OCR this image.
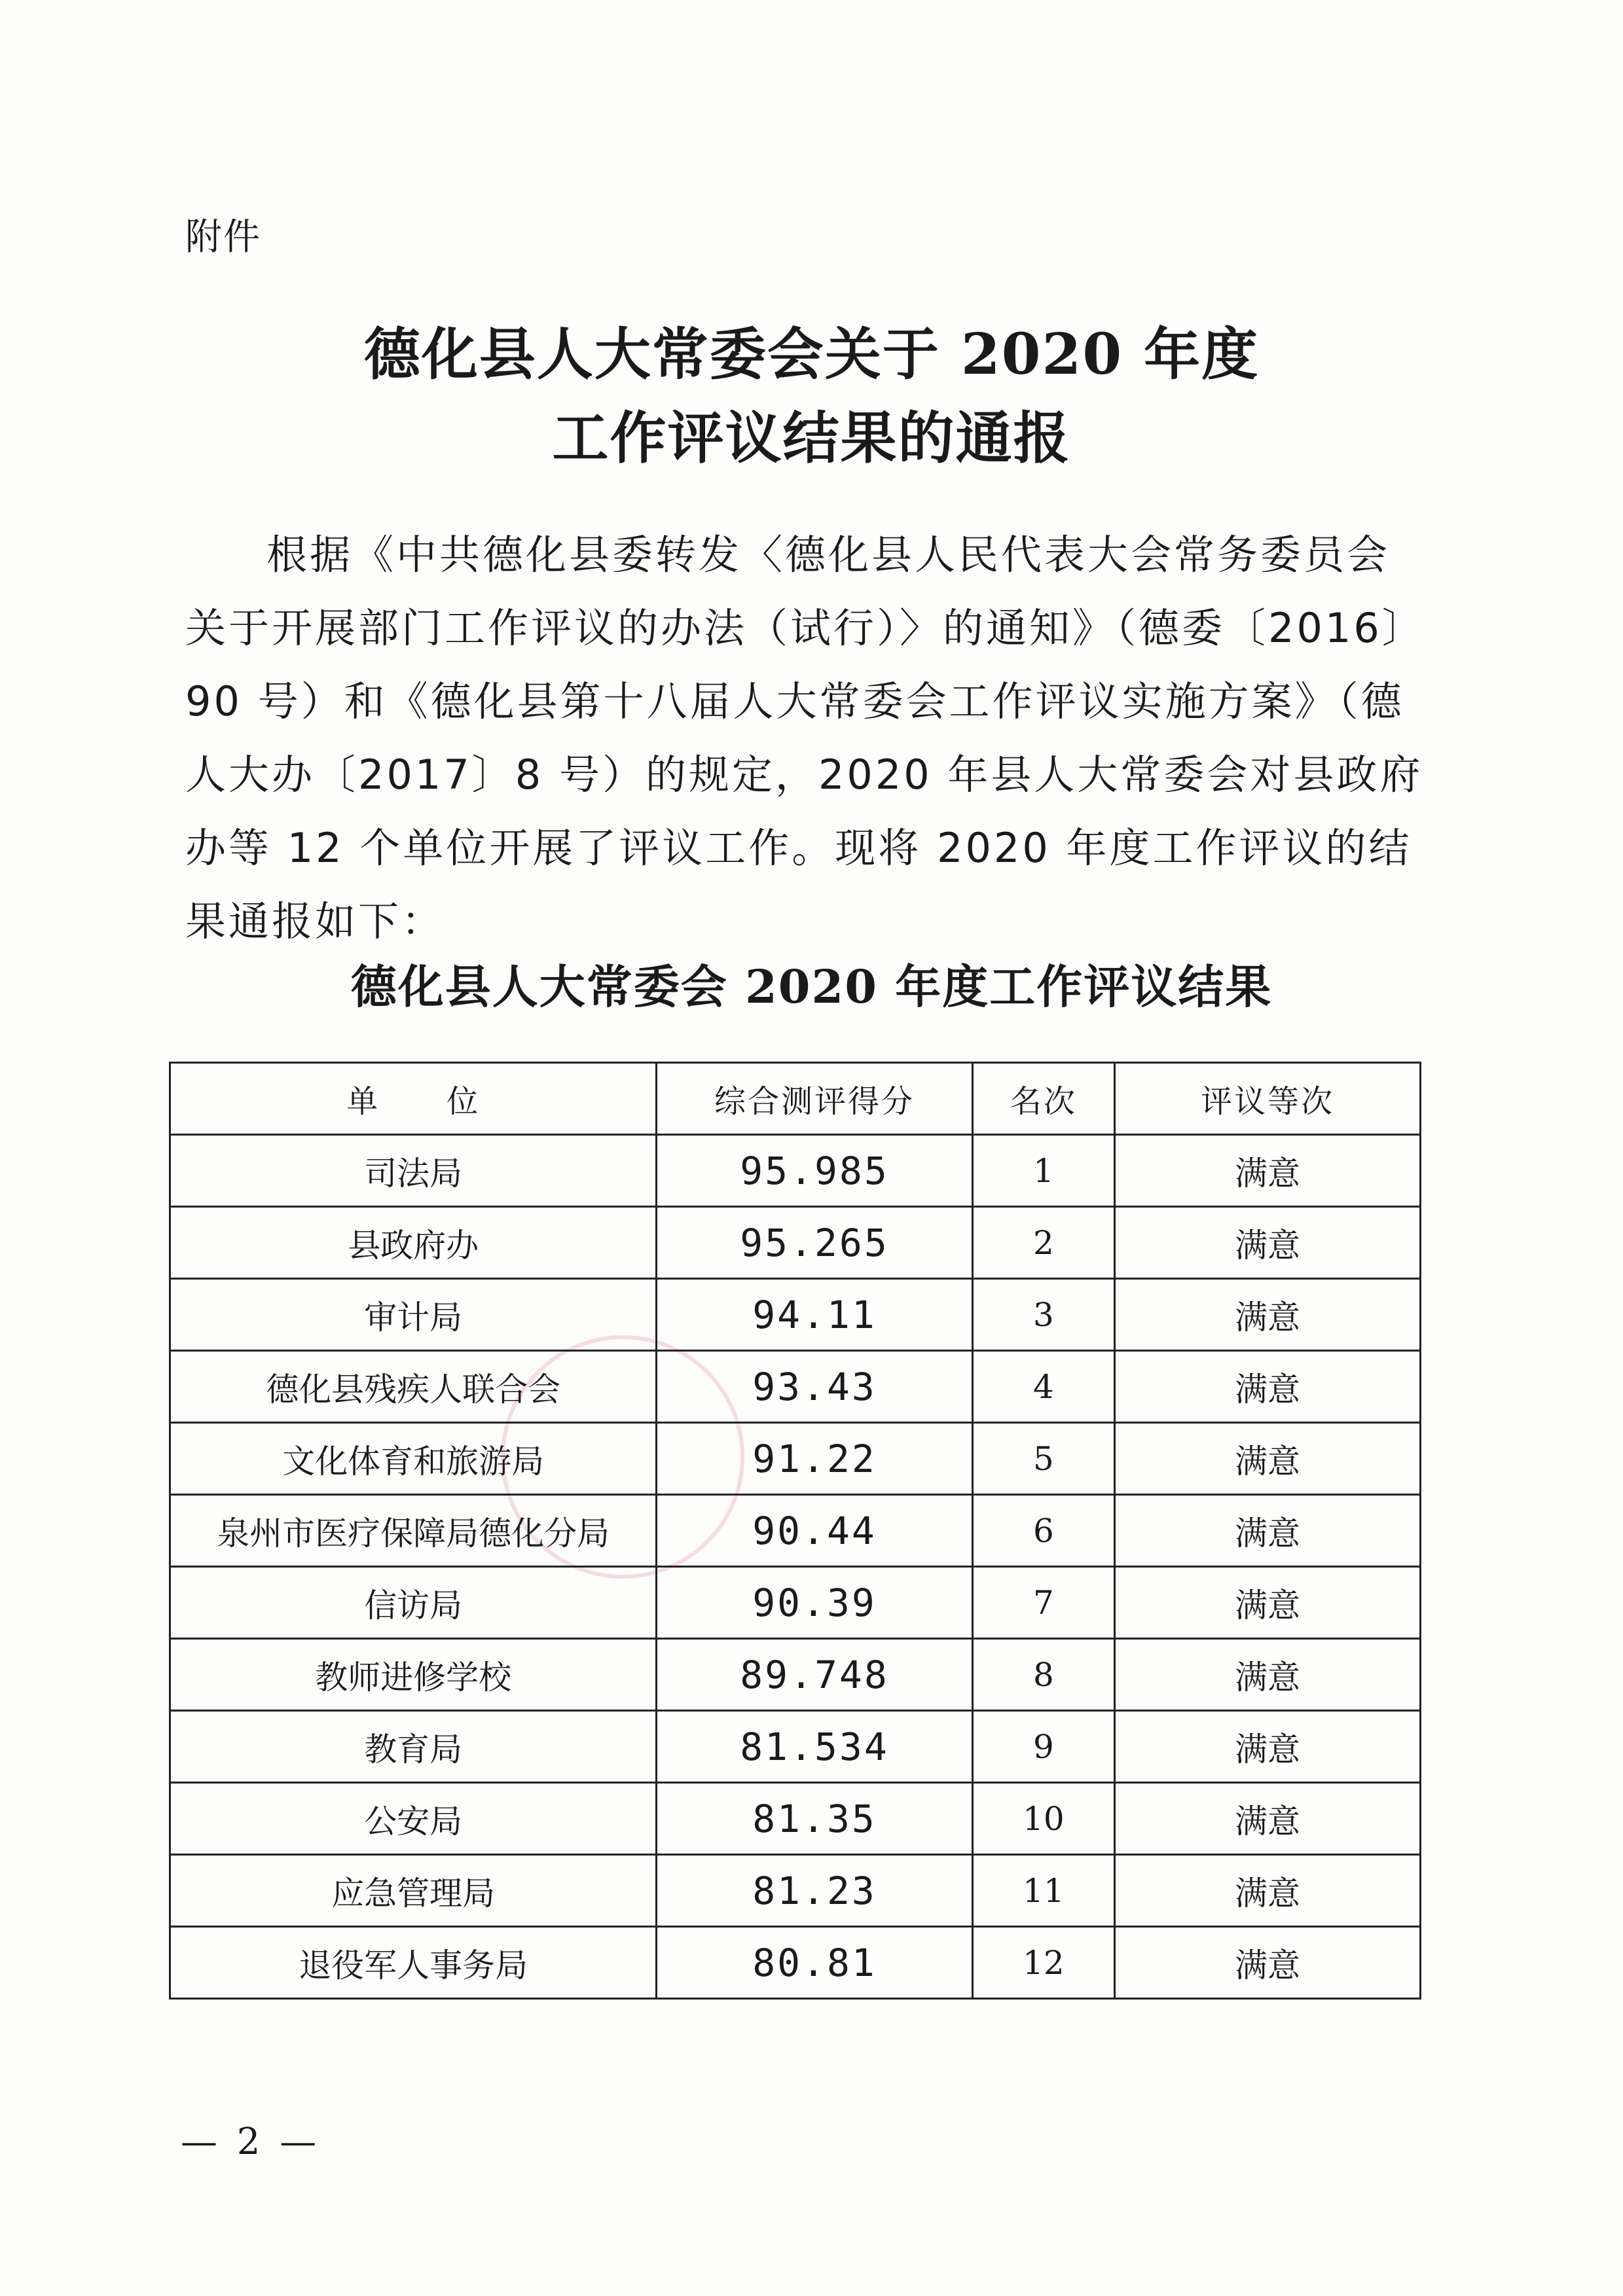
附件
德化县人大常委会关于 2020 年度
工作评议结果的通报

根据《中共德化县委转发〈德化县人民代表大会常务委员会关于开展部门工作评议的办法（试行）〉的通知》（德委〔2016〕90 号）和《德化县第十八届人大常委会工作评议实施方案》（德人大办〔2017〕8 号）的规定，2020 年县人大常委会对县政府办等 12 个单位开展了评议工作。现将 2020 年度工作评议的结果通报如下：

德化县人大常委会 2020 年度工作评议结果
单　　位	综合测评得分	名次	评议等次
司法局	95.985	1	满意
县政府办	95.265	2	满意
审计局	94.11	3	满意
德化县残疾人联合会	93.43	4	满意
文化体育和旅游局	91.22	5	满意
泉州市医疗保障局德化分局	90.44	6	满意
信访局	90.39	7	满意
教师进修学校	89.748	8	满意
教育局	81.534	9	满意
公安局	81.35	10	满意
应急管理局	81.23	11	满意
退役军人事务局	80.81	12	满意
— 2 —
